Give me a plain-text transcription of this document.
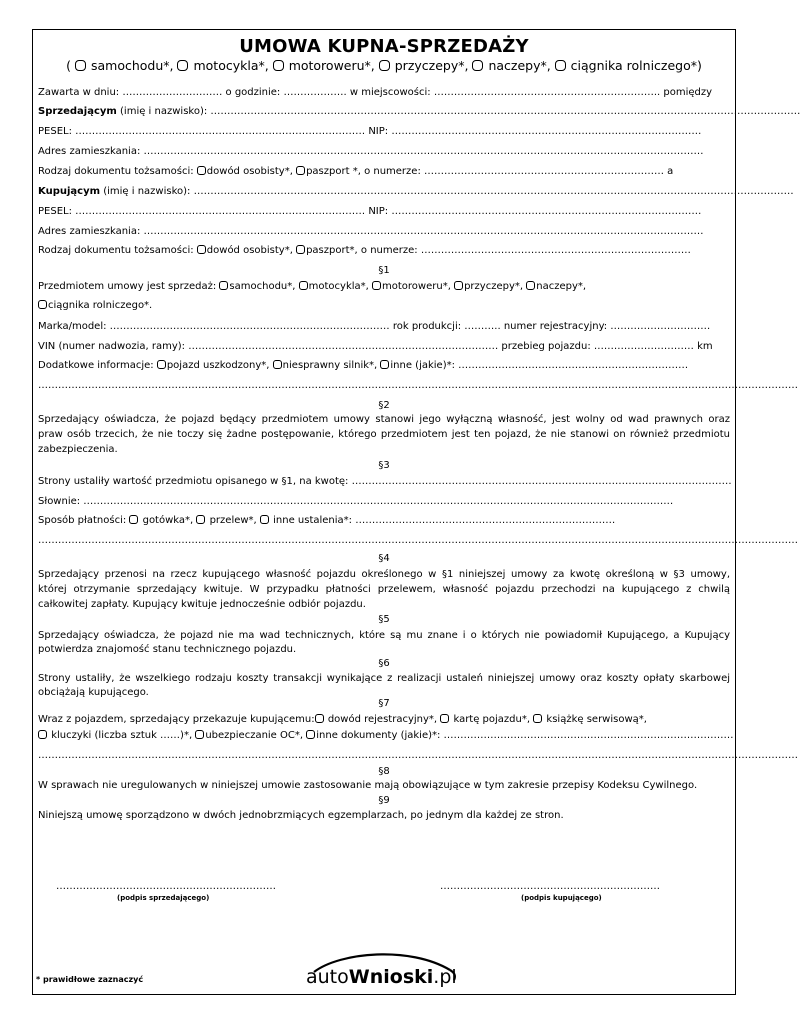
UMOWA KUPNA-SPRZEDAŻY
( samochodu*, motocykla*, motoroweru*, przyczepy*, naczepy*, ciągnika rolniczego*)
Zawarta w dniu: ………………………… o godzinie: ………………. w miejscowości: ………………………………………………………….. pomiędzy
Sprzedającym (imię i nazwisko): ……………………………………………………………………………………………………………………………………………………………
PESEL: …………………………………………………………………………… NIP: …………………………………………………………………………………
Adres zamieszkania: ……………………………………………………………………………………………………………………………………………………
Rodzaj dokumentu tożsamości: dowód osobisty*, paszport *, o numerze: ……………………………………………………………… a
Kupującym (imię i nazwisko): ………………………………………………………………………………………………………………………………………………………………
PESEL: …………………………………………………………………………… NIP: …………………………………………………………………………………
Adres zamieszkania: ……………………………………………………………………………………………………………………………………………………
Rodzaj dokumentu tożsamości: dowód osobisty*, paszport*, o numerze: ………………………………………………………………………
§1
Przedmiotem umowy jest sprzedaż: samochodu*, motocykla*, motoroweru*, przyczepy*, naczepy*,
ciągnika rolniczego*.
Marka/model: ………………………………………………………………………… rok produkcji: ……….. numer rejestracyjny: …………………………
VIN (numer nadwozia, ramy): ………………………………………………………………………………… przebieg pojazdu: ………………………… km
Dodatkowe informacje: pojazd uszkodzony*, niesprawny silnik*, inne (jakie)*: ……………………………………………………………
…………………………………………………………………………………………………………………………………………………………………………………………………………
§2
Sprzedający oświadcza, że pojazd będący przedmiotem umowy stanowi jego wyłączną własność, jest wolny od wad prawnych oraz
praw osób trzecich, że nie toczy się żadne postępowanie, którego przedmiotem jest ten pojazd, że nie stanowi on również przedmiotu
zabezpieczenia.
§3
Strony ustaliły wartość przedmiotu opisanego w §1, na kwotę: ……………………………………………………………………………………………………
Słownie: ……………………………………………………………………………………………………………………………………………………………
Sposób płatności: gotówka*, przelew*, inne ustalenia*: ……………………………………………………………………
…………………………………………………………………………………………………………………………………………………………………………………………………………
§4
Sprzedający przenosi na rzecz kupującego własność pojazdu określonego w §1 niniejszej umowy za kwotę określoną w §3 umowy,
której otrzymanie sprzedający kwituje. W przypadku płatności przelewem, własność pojazdu przechodzi na kupującego z chwilą
całkowitej zapłaty. Kupujący kwituje jednocześnie odbiór pojazdu.
§5
Sprzedający oświadcza, że pojazd nie ma wad technicznych, które są mu znane i o których nie powiadomił Kupującego, a Kupujący
potwierdza znajomość stanu technicznego pojazdu.
§6
Strony ustaliły, że wszelkiego rodzaju koszty transakcji wynikające z realizacji ustaleń niniejszej umowy oraz koszty opłaty skarbowej
obciążają kupującego.
§7
Wraz z pojazdem, sprzedający przekazuje kupującemu: dowód rejestracyjny*, kartę pojazdu*, książkę serwisową*,
kluczyki (liczba sztuk ……)*, ubezpieczanie OC*, inne dokumenty (jakie)*: ……………………………………………………………………………
…………………………………………………………………………………………………………………………………………………………………………………………………………
§8
W sprawach nie uregulowanych w niniejszej umowie zastosowanie mają obowiązujące w tym zakresie przepisy Kodeksu Cywilnego.
§9
Niniejszą umowę sporządzono w dwóch jednobrzmiących egzemplarzach, po jednym dla każdej ze stron.
…………………………………………………………
(podpis sprzedającego)
…………………………………………………………
(podpis kupującego)
* prawidłowe zaznaczyć	autoWnioski.pl
